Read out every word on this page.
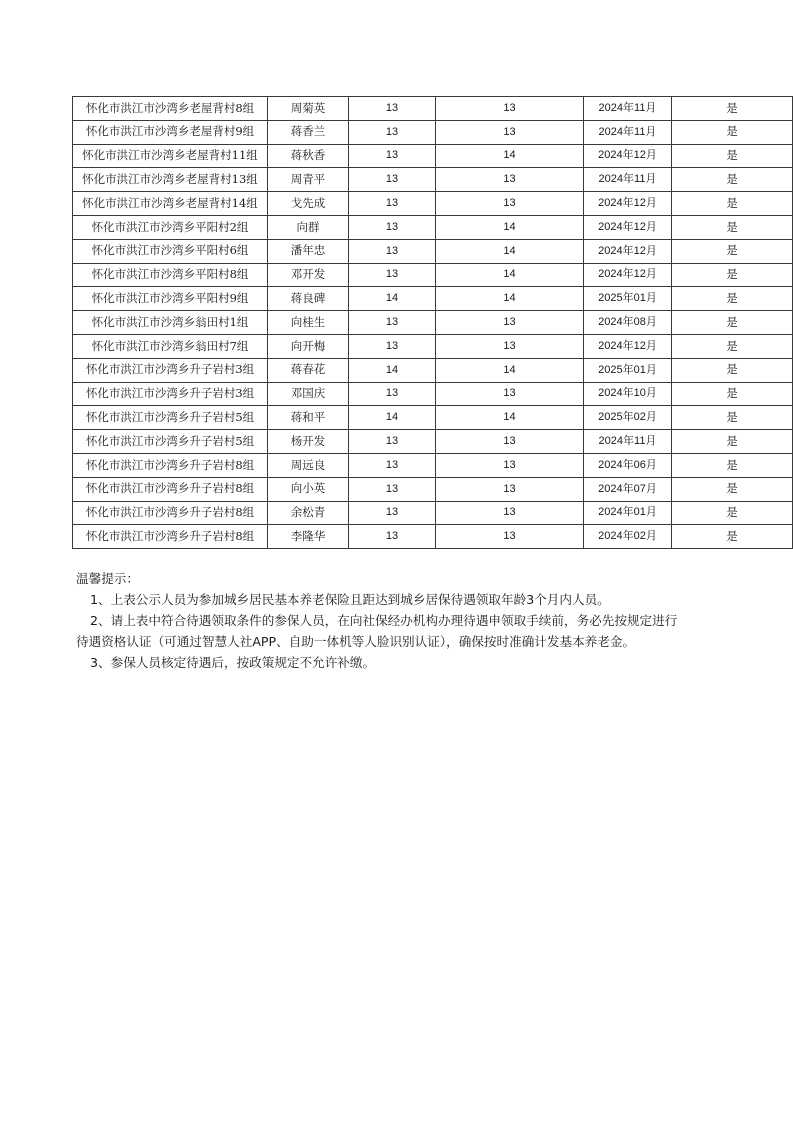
怀化市洪江市沙湾乡老屋背村8组	周菊英	13	13	2024年11月	是
怀化市洪江市沙湾乡老屋背村9组	蒋香兰	13	13	2024年11月	是
怀化市洪江市沙湾乡老屋背村11组	蒋秋香	13	14	2024年12月	是
怀化市洪江市沙湾乡老屋背村13组	周青平	13	13	2024年11月	是
怀化市洪江市沙湾乡老屋背村14组	戈先成	13	13	2024年12月	是
怀化市洪江市沙湾乡平阳村2组	向群	13	14	2024年12月	是
怀化市洪江市沙湾乡平阳村6组	潘年忠	13	14	2024年12月	是
怀化市洪江市沙湾乡平阳村8组	邓开发	13	14	2024年12月	是
怀化市洪江市沙湾乡平阳村9组	蒋良碑	14	14	2025年01月	是
怀化市洪江市沙湾乡翁田村1组	向桂生	13	13	2024年08月	是
怀化市洪江市沙湾乡翁田村7组	向开梅	13	13	2024年12月	是
怀化市洪江市沙湾乡升子岩村3组	蒋春花	14	14	2025年01月	是
怀化市洪江市沙湾乡升子岩村3组	邓国庆	13	13	2024年10月	是
怀化市洪江市沙湾乡升子岩村5组	蒋和平	14	14	2025年02月	是
怀化市洪江市沙湾乡升子岩村5组	杨开发	13	13	2024年11月	是
怀化市洪江市沙湾乡升子岩村8组	周远良	13	13	2024年06月	是
怀化市洪江市沙湾乡升子岩村8组	向小英	13	13	2024年07月	是
怀化市洪江市沙湾乡升子岩村8组	余松青	13	13	2024年01月	是
怀化市洪江市沙湾乡升子岩村8组	李隆华	13	13	2024年02月	是

温馨提示：

1、上表公示人员为参加城乡居民基本养老保险且距达到城乡居保待遇领取年龄3个月内人员。

2、请上表中符合待遇领取条件的参保人员，在向社保经办机构办理待遇申领取手续前，务必先按规定进行

待遇资格认证（可通过智慧人社APP、自助一体机等人脸识别认证），确保按时准确计发基本养老金。

3、参保人员核定待遇后，按政策规定不允许补缴。
